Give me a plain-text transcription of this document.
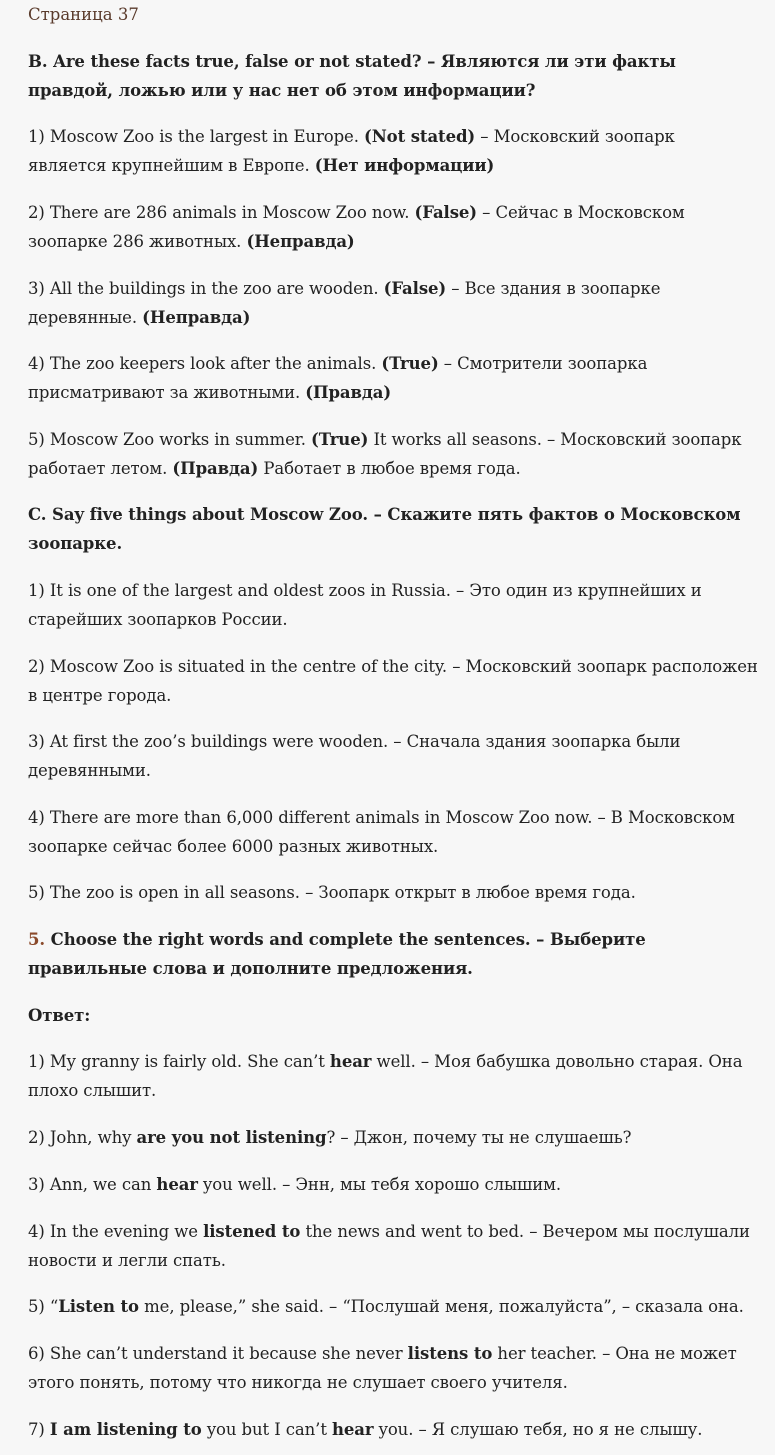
Страница 37

B. Are these facts true, false or not stated? – Являются ли эти факты правдой, ложью или у нас нет об этом информации?

1) Moscow Zoo is the largest in Europe. (Not stated) – Московский зоопарк является крупнейшим в Европе. (Нет информации)

2) There are 286 animals in Moscow Zoo now. (False) – Сейчас в Московском зоопарке 286 животных. (Неправда)

3) All the buildings in the zoo are wooden. (False) – Все здания в зоопарке деревянные. (Неправда)

4) The zoo keepers look after the animals. (True) – Смотрители зоопарка присматривают за животными. (Правда)

5) Moscow Zoo works in summer. (True) It works all seasons. – Московский зоопарк работает летом. (Правда) Работает в любое время года.

C. Say five things about Moscow Zoo. – Скажите пять фактов о Московском зоопарке.

1) It is one of the largest and oldest zoos in Russia. – Это один из крупнейших и старейших зоопарков России.

2) Moscow Zoo is situated in the centre of the city. – Московский зоопарк расположен в центре города.

3) At first the zoo’s buildings were wooden. – Сначала здания зоопарка были деревянными.

4) There are more than 6,000 different animals in Moscow Zoo now. – В Московском зоопарке сейчас более 6000 разных животных.

5) The zoo is open in all seasons. – Зоопарк открыт в любое время года.

5. Choose the right words and complete the sentences. – Выберите правильные слова и дополните предложения.

Ответ:

1) My granny is fairly old. She can’t hear well. – Моя бабушка довольно старая. Она плохо слышит.

2) John, why are you not listening? – Джон, почему ты не слушаешь?

3) Ann, we can hear you well. – Энн, мы тебя хорошо слышим.

4) In the evening we listened to the news and went to bed. – Вечером мы послушали новости и легли спать.

5) “Listen to me, please,” she said. – “Послушай меня, пожалуйста”, – сказала она.

6) She can’t understand it because she never listens to her teacher. – Она не может этого понять, потому что никогда не слушает своего учителя.

7) I am listening to you but I can’t hear you. – Я слушаю тебя, но я не слышу.
